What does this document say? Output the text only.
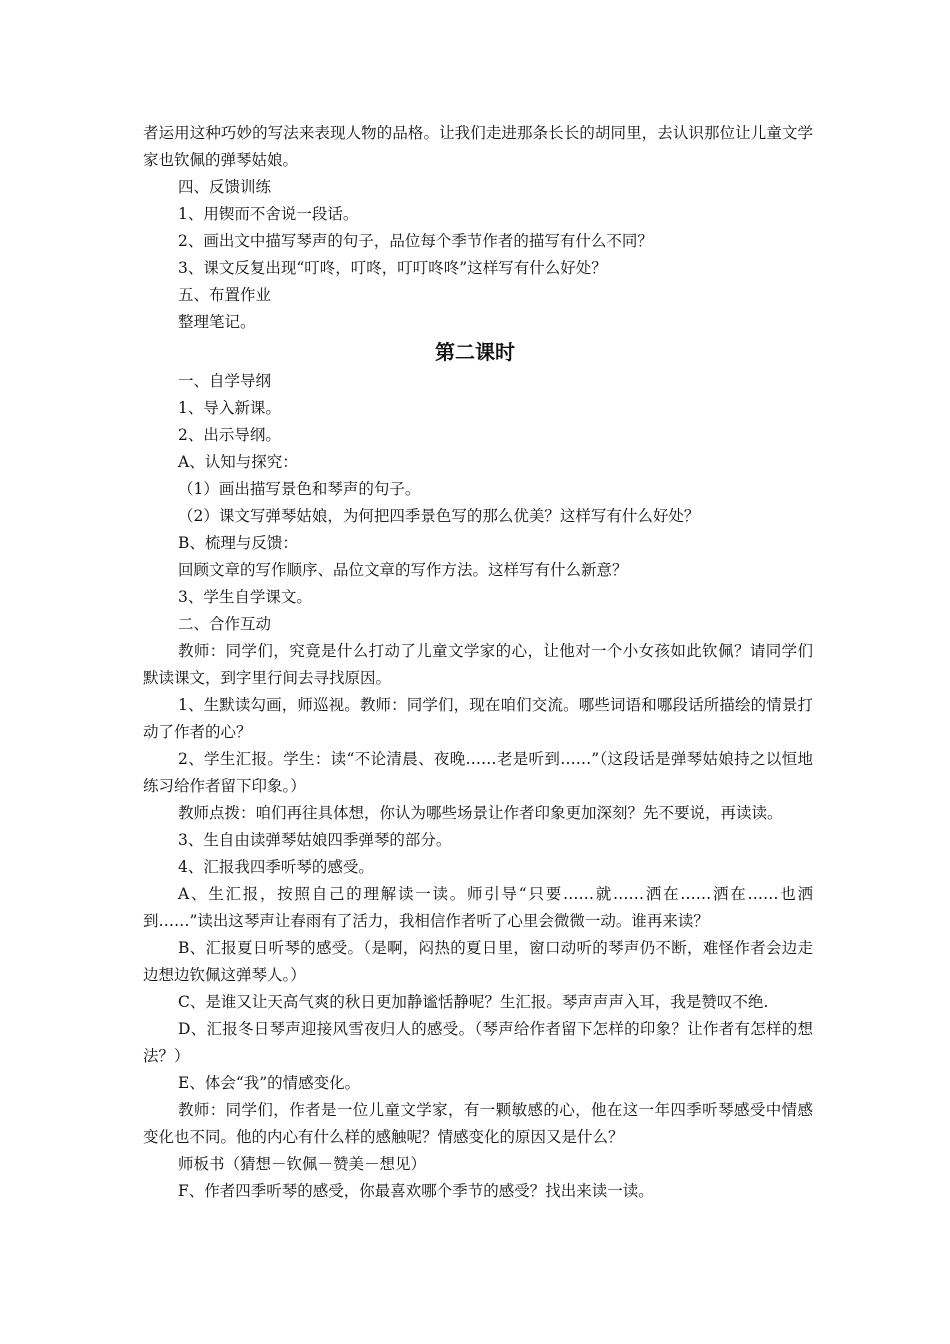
者运用这种巧妙的写法来表现人物的品格。让我们走进那条长长的胡同里，去认识那位让儿童文学家也钦佩的弹琴姑娘。

四、反馈训练

1、用锲而不舍说一段话。

2、画出文中描写琴声的句子，品位每个季节作者的描写有什么不同？

3、课文反复出现“叮咚，叮咚，叮叮咚咚”这样写有什么好处？

五、布置作业

整理笔记。

第二课时

一、自学导纲

1、导入新课。

2、出示导纲。

A、认知与探究：

（1）画出描写景色和琴声的句子。

（2）课文写弹琴姑娘，为何把四季景色写的那么优美？这样写有什么好处？

B、梳理与反馈：

回顾文章的写作顺序、品位文章的写作方法。这样写有什么新意？

3、学生自学课文。

二、合作互动

教师：同学们，究竟是什么打动了儿童文学家的心，让他对一个小女孩如此钦佩？请同学们默读课文，到字里行间去寻找原因。

1、生默读勾画，师巡视。教师：同学们，现在咱们交流。哪些词语和哪段话所描绘的情景打动了作者的心？

2、学生汇报。学生：读“不论清晨、夜晚……老是听到……”（这段话是弹琴姑娘持之以恒地练习给作者留下印象。）

教师点拨：咱们再往具体想，你认为哪些场景让作者印象更加深刻？先不要说，再读读。

3、生自由读弹琴姑娘四季弹琴的部分。

4、汇报我四季听琴的感受。

A、生汇报，按照自己的理解读一读。师引导“只要……就……洒在……洒在……也洒到……”读出这琴声让春雨有了活力，我相信作者听了心里会微微一动。谁再来读？

B、汇报夏日听琴的感受。（是啊，闷热的夏日里，窗口动听的琴声仍不断，难怪作者会边走边想边钦佩这弹琴人。）

C、是谁又让天高气爽的秋日更加静谧恬静呢？生汇报。琴声声声入耳，我是赞叹不绝.

D、汇报冬日琴声迎接风雪夜归人的感受。（琴声给作者留下怎样的印象？让作者有怎样的想法？）

E、体会“我”的情感变化。

教师：同学们，作者是一位儿童文学家，有一颗敏感的心，他在这一年四季听琴感受中情感变化也不同。他的内心有什么样的感触呢？情感变化的原因又是什么？

师板书（猜想－钦佩－赞美－想见）

F、作者四季听琴的感受，你最喜欢哪个季节的感受？找出来读一读。
